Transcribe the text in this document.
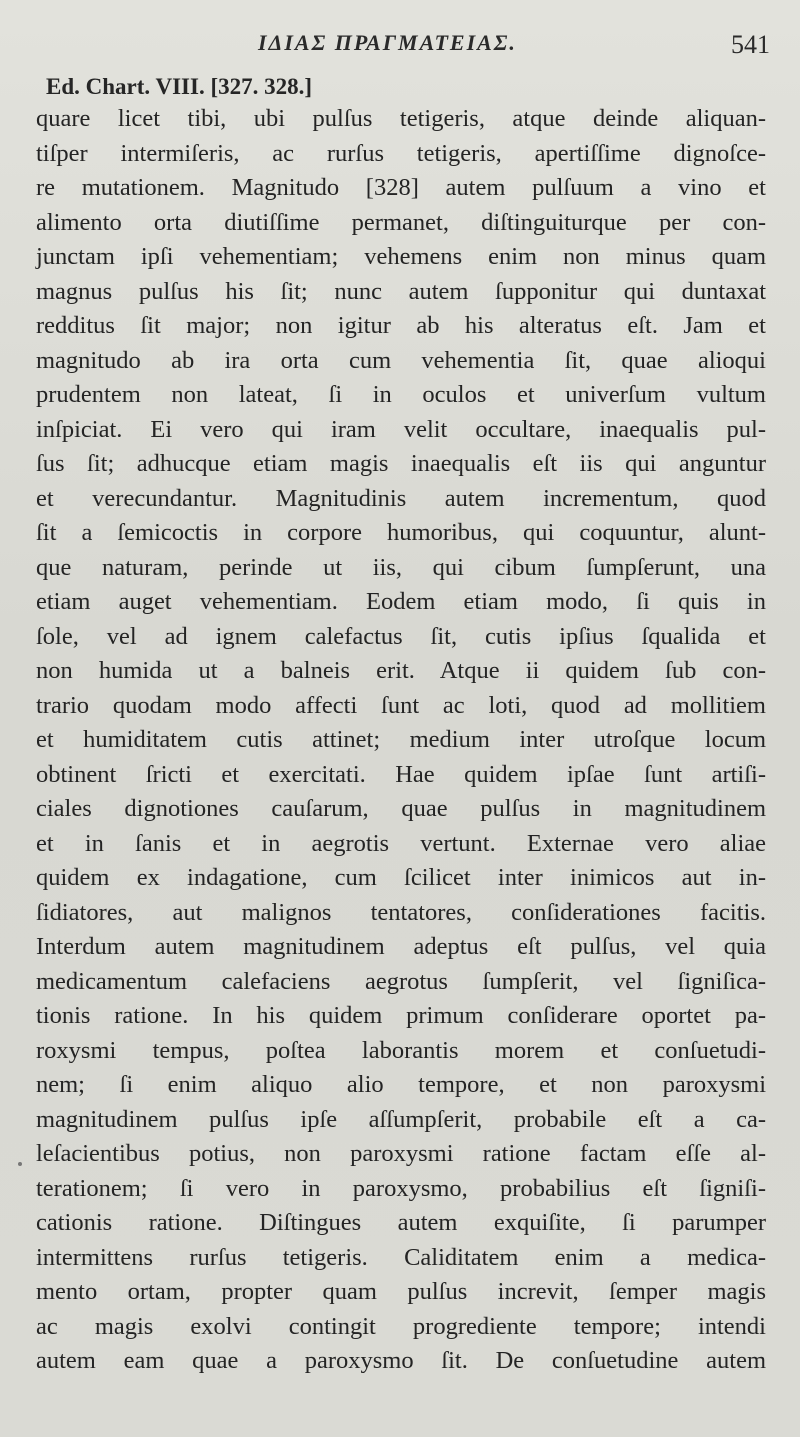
ΙΔΙΑΣ ΠΡΑΓΜΑΤΕΙΑΣ.	541
Ed. Chart. VIII. [327. 328.]
quare licet tibi, ubi pulſus tetigeris, atque deinde aliquan-
tiſper intermiſeris, ac rurſus tetigeris, apertiſſime dignoſce-
re mutationem. Magnitudo [328] autem pulſuum a vino et
alimento orta diutiſſime permanet, diſtinguiturque per con-
junctam ipſi vehementiam; vehemens enim non minus quam
magnus pulſus his ſit; nunc autem ſupponitur qui duntaxat
redditus ſit major; non igitur ab his alteratus eſt. Jam et
magnitudo ab ira orta cum vehementia ſit, quae alioqui
prudentem non lateat, ſi in oculos et univerſum vultum
inſpiciat. Ei vero qui iram velit occultare, inaequalis pul-
ſus ſit; adhucque etiam magis inaequalis eſt iis qui anguntur
et verecundantur. Magnitudinis autem incrementum, quod
ſit a ſemicoctis in corpore humoribus, qui coquuntur, alunt-
que naturam, perinde ut iis, qui cibum ſumpſerunt, una
etiam auget vehementiam. Eodem etiam modo, ſi quis in
ſole, vel ad ignem calefactus ſit, cutis ipſius ſqualida et
non humida ut a balneis erit. Atque ii quidem ſub con-
trario quodam modo affecti ſunt ac loti, quod ad mollitiem
et humiditatem cutis attinet; medium inter utroſque locum
obtinent ſricti et exercitati. Hae quidem ipſae ſunt artiſi-
ciales dignotiones cauſarum, quae pulſus in magnitudinem
et in ſanis et in aegrotis vertunt. Externae vero aliae
quidem ex indagatione, cum ſcilicet inter inimicos aut in-
ſidiatores, aut malignos tentatores, conſiderationes facitis.
Interdum autem magnitudinem adeptus eſt pulſus, vel quia
medicamentum calefaciens aegrotus ſumpſerit, vel ſigniſica-
tionis ratione. In his quidem primum conſiderare oportet pa-
roxysmi tempus, poſtea laborantis morem et conſuetudi-
nem; ſi enim aliquo alio tempore, et non paroxysmi
magnitudinem pulſus ipſe aſſumpſerit, probabile eſt a ca-
leſacientibus potius, non paroxysmi ratione factam eſſe al-
terationem; ſi vero in paroxysmo, probabilius eſt ſigniſi-
cationis ratione. Diſtingues autem exquiſite, ſi parumper
intermittens rurſus tetigeris. Caliditatem enim a medica-
mento ortam, propter quam pulſus increvit, ſemper magis
ac magis exolvi contingit progrediente tempore; intendi
autem eam quae a paroxysmo ſit. De conſuetudine autem
